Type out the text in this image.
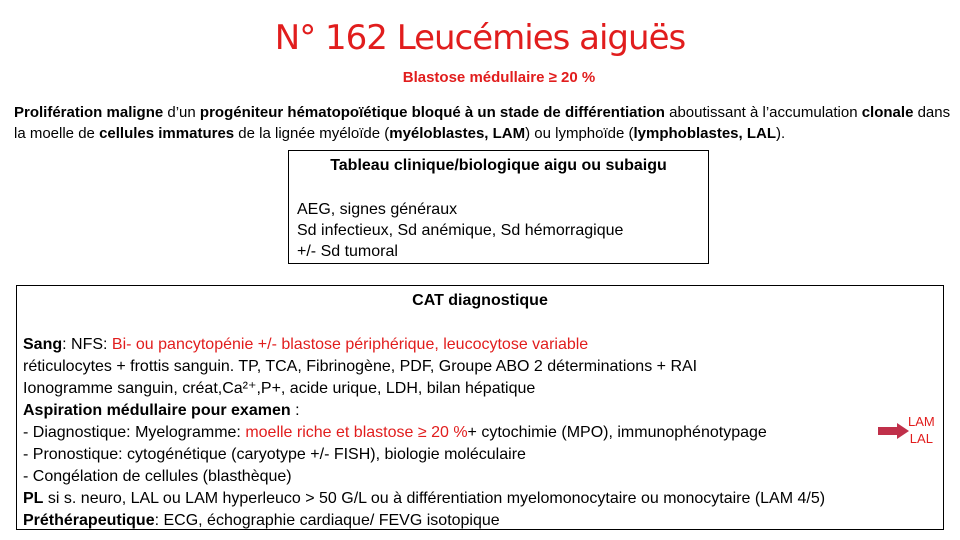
N° 162 Leucémies aiguës
Blastose médullaire ≥ 20 %
Prolifération maligne d’un progéniteur hématopoïétique bloqué à un stade de différentiation aboutissant à l’accumulation clonale dans la moelle de cellules immatures de la lignée myéloïde (myéloblastes, LAM) ou lymphoïde (lymphoblastes, LAL).
Tableau clinique/biologique aigu ou subaigu
AEG, signes généraux
Sd infectieux, Sd anémique, Sd hémorragique
+/- Sd tumoral
CAT diagnostique
Sang: NFS: Bi- ou pancytopénie +/- blastose périphérique, leucocytose variable
réticulocytes + frottis sanguin. TP, TCA, Fibrinogène, PDF, Groupe ABO 2 déterminations + RAI
Ionogramme sanguin, créat,Ca²⁺,P+, acide urique, LDH, bilan hépatique
Aspiration médullaire pour examen :
- Diagnostique: Myelogramme: moelle riche et blastose ≥ 20 %+ cytochimie (MPO), immunophénotypage
- Pronostique: cytogénétique (caryotype +/- FISH), biologie moléculaire
- Congélation de cellules (blasthèque)
PL si s. neuro, LAL ou LAM hyperleuco > 50 G/L ou à différentiation myelomonocytaire ou monocytaire (LAM 4/5)
Préthérapeutique: ECG, échographie cardiaque/ FEVG isotopique
LAM
LAL
